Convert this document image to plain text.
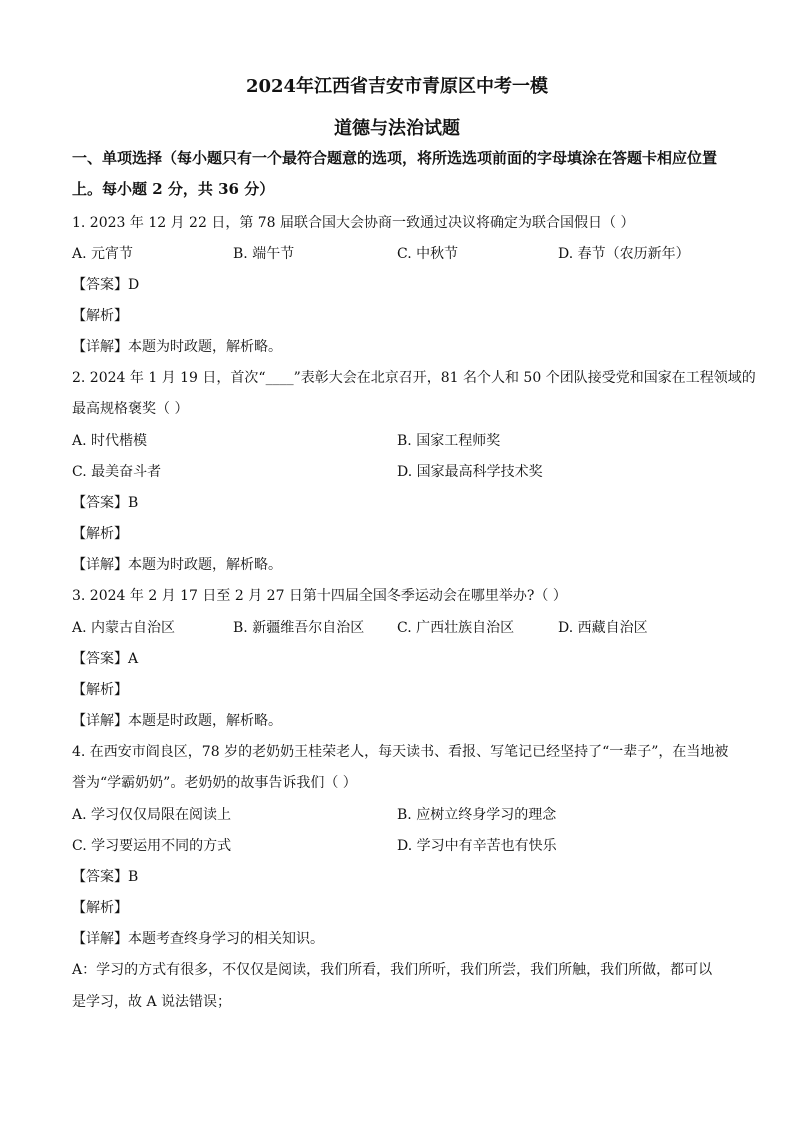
2024年江西省吉安市青原区中考一模
道德与法治试题
一、单项选择（每小题只有一个最符合题意的选项，将所选选项前面的字母填涂在答题卡相应位置上。每小题 2 分，共 36 分）
1. 2023 年 12 月 22 日，第 78 届联合国大会协商一致通过决议将确定为联合国假日（ ）
A. 元宵节	B. 端午节	C. 中秋节	D. 春节（农历新年）
【答案】D
【解析】
【详解】本题为时政题，解析略。
2. 2024 年 1 月 19 日，首次“____”表彰大会在北京召开，81 名个人和 50 个团队接受党和国家在工程领域的
最高规格褒奖（ ）
A. 时代楷模	B. 国家工程师奖
C. 最美奋斗者	D. 国家最高科学技术奖
【答案】B
【解析】
【详解】本题为时政题，解析略。
3. 2024 年 2 月 17 日至 2 月 27 日第十四届全国冬季运动会在哪里举办?（ ）
A. 内蒙古自治区	B. 新疆维吾尔自治区 C. 广西壮族自治区	D. 西藏自治区
【答案】A
【解析】
【详解】本题是时政题，解析略。
4. 在西安市阎良区，78 岁的老奶奶王桂荣老人，每天读书、看报、写笔记已经坚持了“一辈子”，在当地被
誉为“学霸奶奶”。老奶奶的故事告诉我们（ ）
A. 学习仅仅局限在阅读上	B. 应树立终身学习的理念
C. 学习要运用不同的方式	D. 学习中有辛苦也有快乐
【答案】B
【解析】
【详解】本题考查终身学习的相关知识。
A：学习的方式有很多，不仅仅是阅读，我们所看，我们所听，我们所尝，我们所触，我们所做，都可以
是学习，故 A 说法错误；
